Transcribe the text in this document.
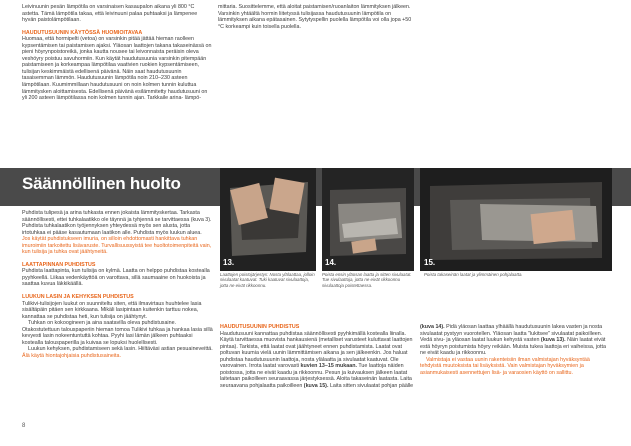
Leivinuunin pesän lämpötila on varsinaisen kasaupalon aikana yli 800 °C astetta. Tämä lämpötila takaa, että leivinuuni palaa puhtaaksi ja lämpenee hyvän paistolämpötilaan.

HAUDUTUSUUNIN KÄYTÖSSÄ HUOMIOITAVAA

Huomaa, että hormipelti (vetoa) on varsinkin pitää jättää hieman raolleen kypsentämisen tai paistamisen ajaksi. Yläosan laattojen takana takaseinässä on pieni höyrynpoistoreikä, jonka kautta nousee tai leivonnaista peräisin oleva veshöyry poistuu savuhormiin. Kun käytät haudutusuunia varsinkin pitempään paistamiseen ja korkeampaa lämpötilaa vaativien ruokien kypsentämiseen, tulisijan keskimmäistä edellisenä päivänä. Näin saat haudutusuunin tasaisemman lämmön. Haudutusuunin lämpötila noin 210–230 asteen lämpötilaan. Kuumimmillaan haudutusuuni on noin kolmen tunnin kuluttua lämmitysken aloittamisesta. Edellisenä päivänä esilämmitetty haudutusuuni on yli 200 asteen lämpötilassa noin kolmen tunnin ajan. Tarkkaile arina- lämpö-

mittaria. Suosittelemme, että aloitat paistamisen/ruoanlaiton lämmityksen jälkeen. Varsinkin yhtäältä hormin liitetyssä tulisijassa haudutusuunin lämpötila on lämmityksen aikana epätasainen. Sytytyspellin puolella lämpötila voi olla jopa +50 °C korkeampi kuin toisella puolella.

Säännöllinen huolto
13.	14.	15.
Laattojen poistojärjestys: Nosta ylälaattaa, jolloin sivulaatat kaatuvat. Tuki kaatuvat sivulaattoja, jotta ne eivät rikkoonnu.
Poista ensin yläosan laatta ja sitten sivulaatat. Tue sivulaattoja, jotta ne eivät rikkoonnu sivulaattoja poistettaessa.
Poista takaseinän laatat ja ylimmäinen pohjalaatta.

Puhdista tulipesä ja arina tuhkasta ennen jokaista lämmityskertaa. Tarkasta säännöllisesti, ettei tuhkalaatikko ole täynnä ja tyhjennä se tarvittaessa (kuva 3). Puhdista tuhkalaatikon työjennyksen yhteydessä myös sen alusta, jotta irtotuhkaa ei pääse kasautumaan laatikon alle. Puhdista myös luukun aluea.

Jos käytät puhdistukseen imuria, on silloin ehdottomasti hankittava tuhkan imuroimiin tarkoitettu lisävaruste. Turvallisuussyistä tee huoltotoimenpiteitä vain, kun tulisija ja tuhka ovat jäähtyneitä.

LAATTAPINNAN PUHDISTUS

Puhdista laattapinta, kun tulisija on kylmä. Laatta on helppo puhdistaa kostealla pyyhkeellä. Liikaa vedenkäyttöä on varottava, sillä saumaaine on huokoista ja saattaa kuvua läkkikäällä.

LUUKUN LASIN JA KEHYKSEN PUHDISTUS

Tulikivi-tulisijojen luukut on suunniteltu siten, että ilmavirtaus huuhtelee lasia sisältäpäin pitäen sen kirkkaana. Mikäli lasipintaan kuitenkin tarttuu nokea, kannattaa se puhdistaa heti, kun tulisija on jäähtynyt.

Tuhkan on kokoogineen ja aina saatavilla oleva puhdistusaine. Otakostutettuun talouspaperiin hieman tomoa Tulikivi tuhkaa ja hankaa lasia sillä kevyesti lasin nokeentuntuttä kohtaa. Pyyhi lasi lämän jälkeen puhtaaksi kostealla talouspaperilla ja kuivaa se lopuksi huolellisesti.

Luukun kehyksen, puhdistamiseen sekä lasin. Hiiltäväsi astian pesuaineveittä. Älä käytä hiontajohjaisia puhdistusaineita.

HAUDUTUSUUNIN PUHDISTUS

Haudutusuuni kannattaa puhdistaa säännöllisesti pyyhkimällä kostealla liinalla. Käytä tarvittaessa muovista hankausienä (metalliset varusteet kuluttavat laattojen pintaa). Tarkista, että laatat ovat jäähtyneet ennen puhdistamista. Laatat ovat poltuvan kuumia vielä uunin lämmittämisen aikana ja sen jälkeenkin. Jos haluat puhdistaa haudutusuunin laattoja, nosta ylälaatta ja sivulaatat kaatuvat. Ole varovainen. Irrota laatat varovasti kuvien 13–15 mukaan. Tue laattoja näiden poistossa, jotta ne eivät kaadu ja rikkoonnu. Pesun ja kuivauksen jälkeen laatat laitetaan paikoilleen seuraavassa järjestyksessä. Aloita takaseinän laatasta. Laita seuraavana pohjalaatta paikoilleen (kuva 15). Laita sitten sivulaatat pohjan päälle

(kuva 14). Pidä yläosan laattaa ylhäällä haudutusuunin lakea vasten ja nosta sivulaatat pystyyn vuorotellen. Yläosan laatta "lukitsee" sivulaatat paikoilleen. Vedä sivu- ja yläosan laatat luukun kehystä vasten (kuva 13). Näin laatat eivät estä höyryn poistumista höyry reikään. Muista tukea laattoja eri vaiheissa, jotta ne eivät kaadu ja rikkoonnu.

Valmistaja ei vastaa uunin rakenteisiin ilman valmistajan hyväksyntää tehdyistä muutoksista tai lisäyksistä. Vain valmistajan hyväksymien ja asianmukaisesti asennettujen lisä- ja varaosien käyttö on sallittu.

8
